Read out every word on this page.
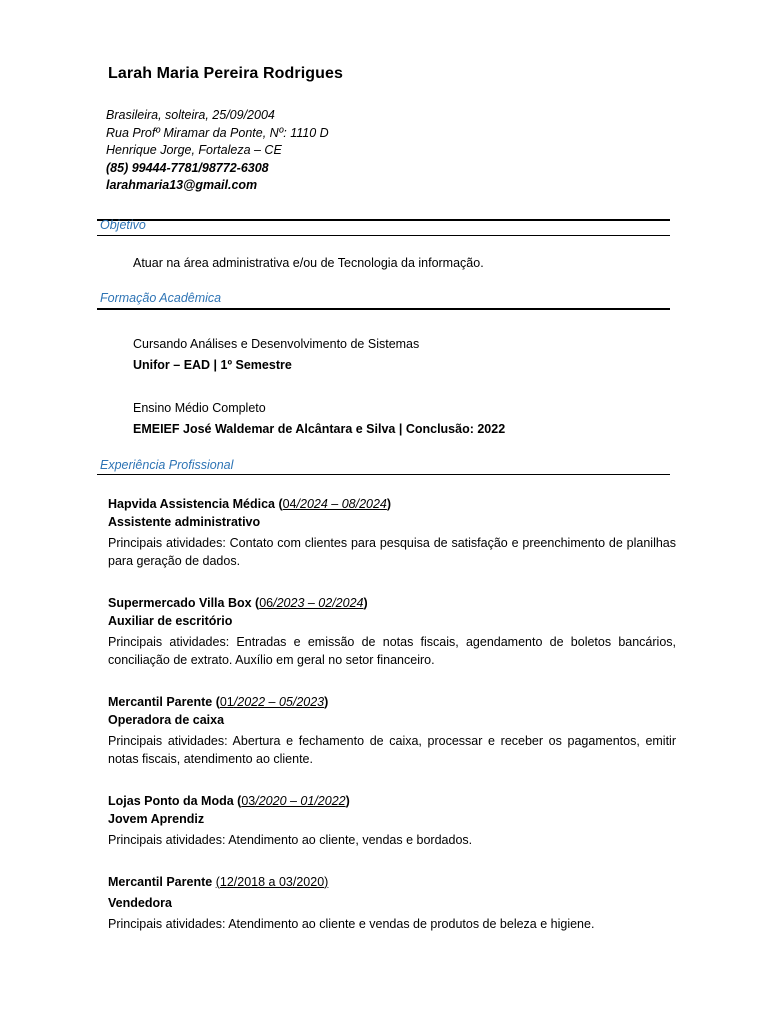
Larah Maria Pereira Rodrigues
Brasileira, solteira, 25/09/2004
Rua Profº Miramar da Ponte, Nº: 1110 D
Henrique Jorge, Fortaleza – CE
(85) 99444-7781/98772-6308
larahmaria13@gmail.com
Objetivo
Atuar na área administrativa e/ou de Tecnologia da informação.
Formação Acadêmica
Cursando Análises e Desenvolvimento de Sistemas
Unifor – EAD | 1º Semestre
Ensino Médio Completo
EMEIEF José Waldemar de Alcântara e Silva | Conclusão: 2022
Experiência Profissional
Hapvida Assistencia Médica (04/2024 – 08/2024)
Assistente administrativo
Principais atividades: Contato com clientes para pesquisa de satisfação e preenchimento de planilhas para geração de dados.
Supermercado Villa Box (06/2023 – 02/2024)
Auxiliar de escritório
Principais atividades: Entradas e emissão de notas fiscais, agendamento de boletos bancários, conciliação de extrato. Auxílio em geral no setor financeiro.
Mercantil Parente (01/2022 – 05/2023)
Operadora de caixa
Principais atividades: Abertura e fechamento de caixa, processar e receber os pagamentos, emitir notas fiscais, atendimento ao cliente.
Lojas Ponto da Moda (03/2020 – 01/2022)
Jovem Aprendiz
Principais atividades: Atendimento ao cliente, vendas e bordados.
Mercantil Parente (12/2018 a 03/2020)
Vendedora
Principais atividades: Atendimento ao cliente e vendas de produtos de beleza e higiene.
